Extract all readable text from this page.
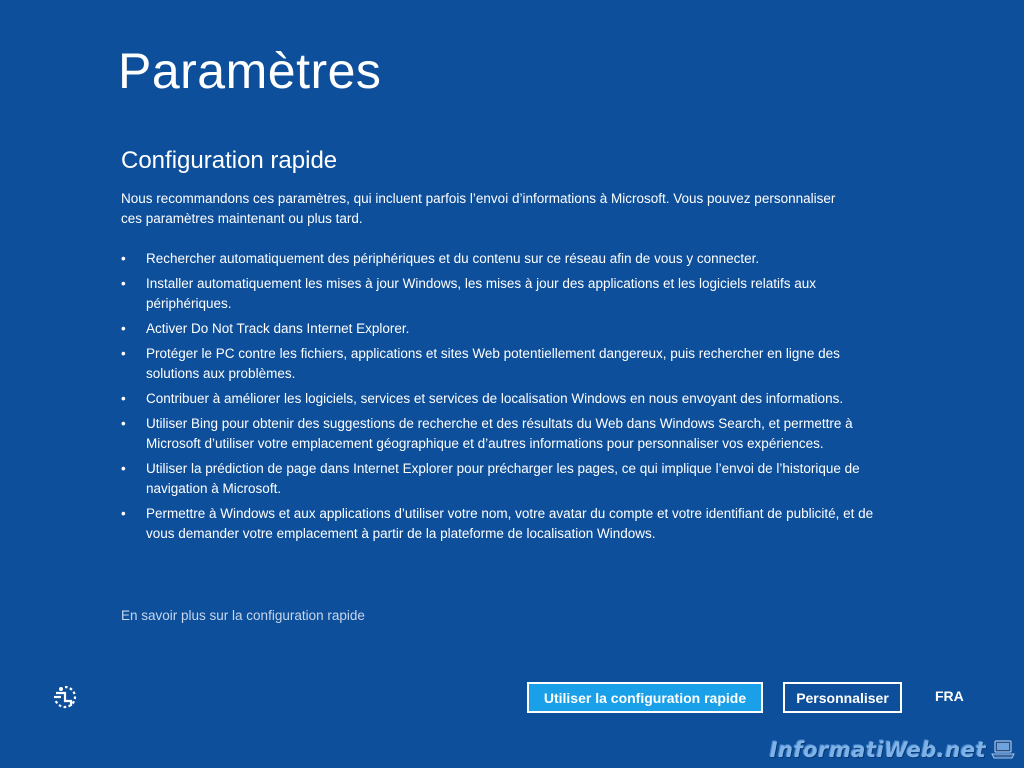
Paramètres
Configuration rapide

Nous recommandons ces paramètres, qui incluent parfois l’envoi d’informations à Microsoft. Vous pouvez personnaliser ces paramètres maintenant ou plus tard.

• Rechercher automatiquement des périphériques et du contenu sur ce réseau afin de vous y connecter.
• Installer automatiquement les mises à jour Windows, les mises à jour des applications et les logiciels relatifs aux périphériques.
• Activer Do Not Track dans Internet Explorer.
• Protéger le PC contre les fichiers, applications et sites Web potentiellement dangereux, puis rechercher en ligne des solutions aux problèmes.
• Contribuer à améliorer les logiciels, services et services de localisation Windows en nous envoyant des informations.
• Utiliser Bing pour obtenir des suggestions de recherche et des résultats du Web dans Windows Search, et permettre à Microsoft d’utiliser votre emplacement géographique et d’autres informations pour personnaliser vos expériences.
• Utiliser la prédiction de page dans Internet Explorer pour précharger les pages, ce qui implique l’envoi de l’historique de navigation à Microsoft.
• Permettre à Windows et aux applications d’utiliser votre nom, votre avatar du compte et votre identifiant de publicité, et de vous demander votre emplacement à partir de la plateforme de localisation Windows.
En savoir plus sur la configuration rapide
Utiliser la configuration rapide	Personnaliser	FRA
InformatiWeb.net
